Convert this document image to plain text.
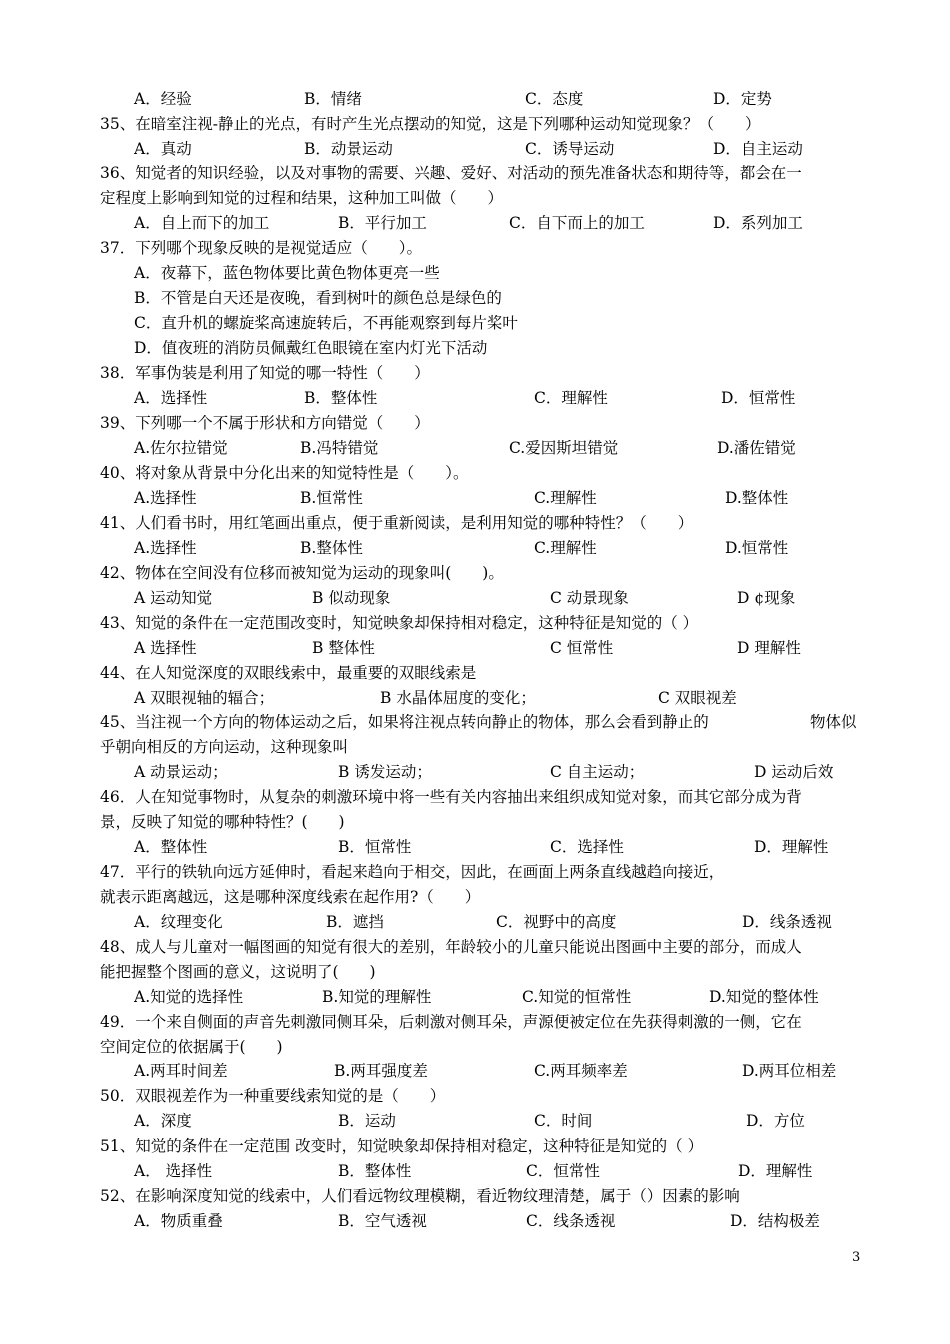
A．经验	B．情绪	C．态度	D．定势
35、在暗室注视-静止的光点，有时产生光点摆动的知觉，这是下列哪种运动知觉现象？（　　）
A．真动	B．动景运动	C．诱导运动	D．自主运动
36、知觉者的知识经验，以及对事物的需要、兴趣、爱好、对活动的预先准备状态和期待等，都会在一
定程度上影响到知觉的过程和结果，这种加工叫做（　　）
A．自上而下的加工	B．平行加工	C．自下而上的加工	D．系列加工
37．下列哪个现象反映的是视觉适应（　　）。
A．夜幕下，蓝色物体要比黄色物体更亮一些
B．不管是白天还是夜晚，看到树叶的颜色总是绿色的
C．直升机的螺旋桨高速旋转后，不再能观察到每片桨叶
D．值夜班的消防员佩戴红色眼镜在室内灯光下活动
38．军事伪装是利用了知觉的哪一特性（　　）
A．选择性	B．整体性	C．理解性	D．恒常性
39、下列哪一个不属于形状和方向错觉（　　）
A.佐尔拉错觉	B.冯特错觉	C.爱因斯坦错觉	D.潘佐错觉
40、将对象从背景中分化出来的知觉特性是（　　）。
A.选择性	B.恒常性	C.理解性	D.整体性
41、人们看书时，用红笔画出重点，便于重新阅读，是利用知觉的哪种特性？（　　）
A.选择性	B.整体性	C.理解性	D.恒常性
42、物体在空间没有位移而被知觉为运动的现象叫(　　)。
A 运动知觉	B 似动现象	C 动景现象	D ¢现象
43、知觉的条件在一定范围改变时，知觉映象却保持相对稳定，这种特征是知觉的（ ）
A 选择性	B 整体性	C 恒常性	D 理解性
44、在人知觉深度的双眼线索中，最重要的双眼线索是
A 双眼视轴的辐合；	B 水晶体屈度的变化；	C 双眼视差
45、当注视一个方向的物体运动之后，如果将注视点转向静止的物体，那么会看到静止的	物体似
乎朝向相反的方向运动，这种现象叫
A 动景运动；	B 诱发运动；	C 自主运动；	D 运动后效
46．人在知觉事物时，从复杂的刺激环境中将一些有关内容抽出来组织成知觉对象，而其它部分成为背
景，反映了知觉的哪种特性？(　　)
A．整体性	B．恒常性	C．选择性	D．理解性
47．平行的铁轨向远方延伸时，看起来趋向于相交，因此，在画面上两条直线越趋向接近，
就表示距离越远，这是哪种深度线索在起作用?（　　）
A．纹理变化	B．遮挡	C．视野中的高度	D．线条透视
48、成人与儿童对一幅图画的知觉有很大的差别，年龄较小的儿童只能说出图画中主要的部分，而成人
能把握整个图画的意义，这说明了(　　)
A.知觉的选择性	B.知觉的理解性	C.知觉的恒常性	D.知觉的整体性
49．一个来自侧面的声音先刺激同侧耳朵，后刺激对侧耳朵，声源便被定位在先获得刺激的一侧，它在
空间定位的依据属于(　　)
A.两耳时间差	B.两耳强度差	C.两耳频率差	D.两耳位相差
50．双眼视差作为一种重要线索知觉的是（　　）
A．深度	B．运动	C．时间	D．方位
51、知觉的条件在一定范围 改变时，知觉映象却保持相对稳定，这种特征是知觉的（ ）
A． 选择性	B．整体性	C．恒常性	D．理解性
52、在影响深度知觉的线索中，人们看远物纹理模糊，看近物纹理清楚，属于（）因素的影响
A．物质重叠	B．空气透视	C．线条透视	D．结构极差
3
